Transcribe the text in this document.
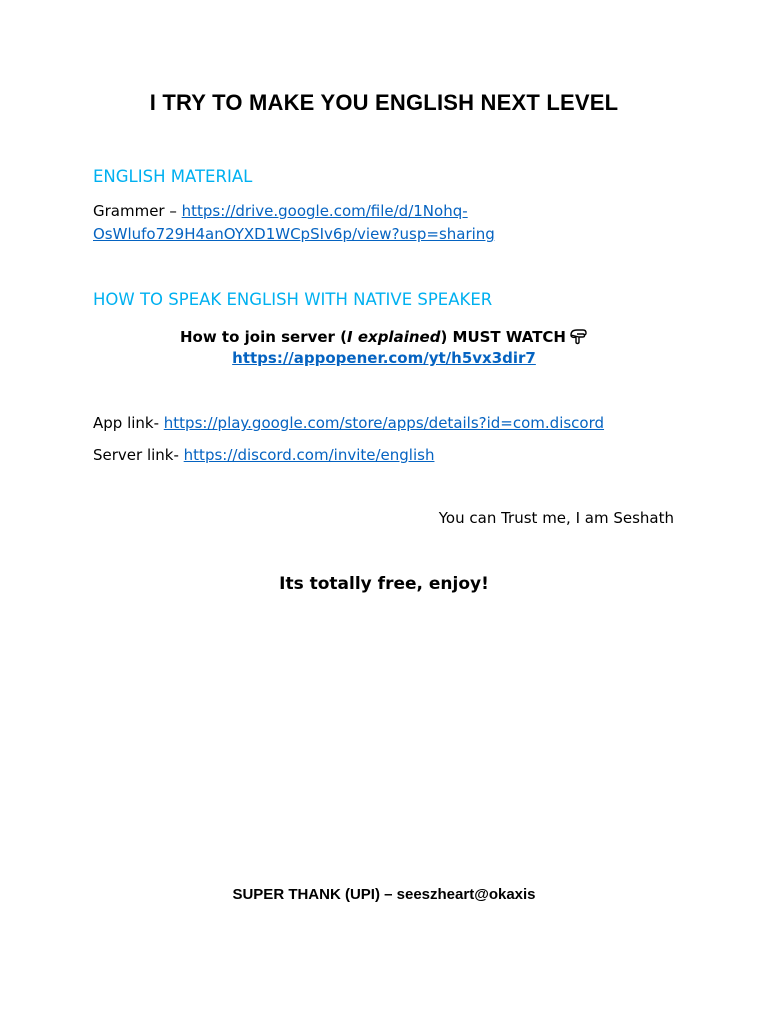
I TRY TO MAKE YOU ENGLISH NEXT LEVEL
ENGLISH MATERIAL
Grammer – https://drive.google.com/file/d/1Nohq-
OsWlufo729H4anOYXD1WCpSIv6p/view?usp=sharing
HOW TO SPEAK ENGLISH WITH NATIVE SPEAKER
How to join server (I explained) MUST WATCH
https://appopener.com/yt/h5vx3dir7
App link- https://play.google.com/store/apps/details?id=com.discord
Server link- https://discord.com/invite/english
You can Trust me, I am Seshath
Its totally free, enjoy!
SUPER THANK (UPI) – seeszheart@okaxis
